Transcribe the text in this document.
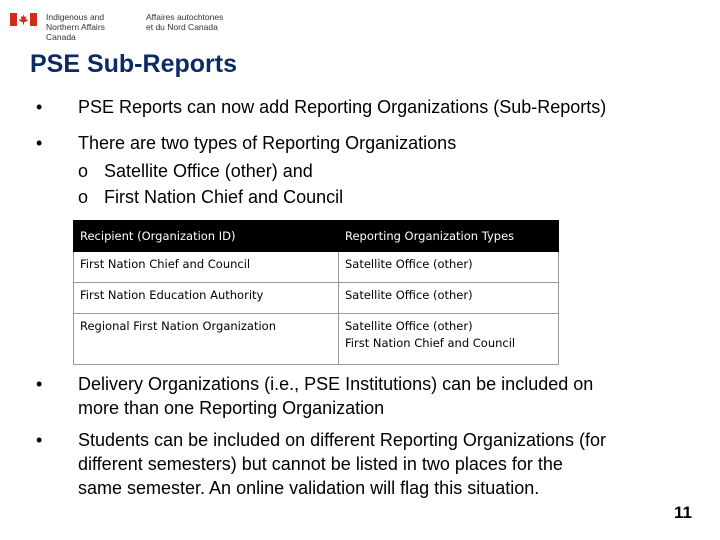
Indigenous and
Northern Affairs Canada
Affaires autochtones
et du Nord Canada
PSE Sub-Reports
•	PSE Reports can now add Reporting Organizations (Sub-Reports)
•	There are two types of Reporting Organizations
o Satellite Office (other) and
o First Nation Chief and Council
Recipient (Organization ID)	Reporting Organization Types
First Nation Chief and Council	Satellite Office (other)

First Nation Education Authority	Satellite Office (other)

Regional First Nation Organization	Satellite Office (other)
First Nation Chief and Council
•	Delivery Organizations (i.e., PSE Institutions) can be included on
more than one Reporting Organization
•	Students can be included on different Reporting Organizations (for
different semesters) but cannot be listed in two places for the
same semester. An online validation will flag this situation.
11
